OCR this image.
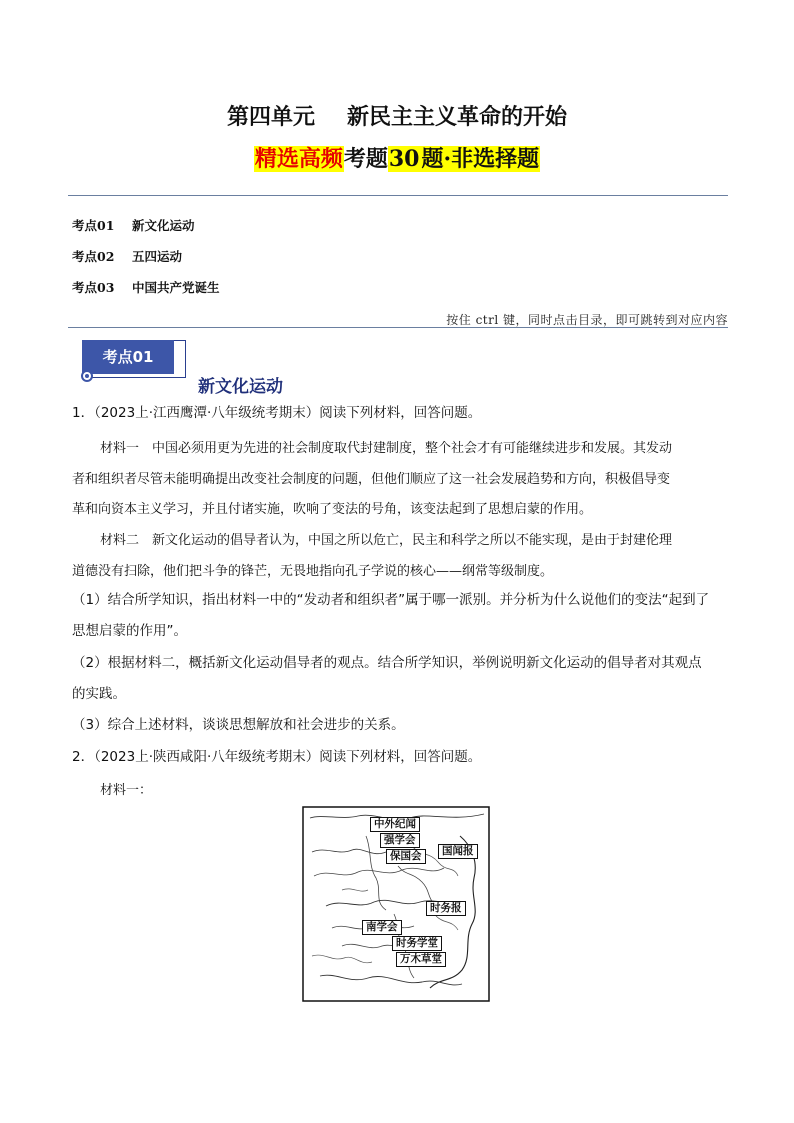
第四单元 新民主主义革命的开始
精选高频考题30题·非选择题
考点01 新文化运动
考点02 五四运动
考点03 中国共产党诞生
按住 ctrl 键，同时点击目录，即可跳转到对应内容
考点01
新文化运动
1．（2023上·江西鹰潭·八年级统考期末）阅读下列材料，回答问题。
材料一　中国必须用更为先进的社会制度取代封建制度，整个社会才有可能继续进步和发展。其发动
者和组织者尽管未能明确提出改变社会制度的问题，但他们顺应了这一社会发展趋势和方向，积极倡导变
革和向资本主义学习，并且付诸实施，吹响了变法的号角，该变法起到了思想启蒙的作用。
材料二　新文化运动的倡导者认为，中国之所以危亡，民主和科学之所以不能实现，是由于封建伦理
道德没有扫除，他们把斗争的锋芒，无畏地指向孔子学说的核心——纲常等级制度。
（1）结合所学知识，指出材料一中的“发动者和组织者”属于哪一派别。并分析为什么说他们的变法“起到了
思想启蒙的作用”。
（2）根据材料二，概括新文化运动倡导者的观点。结合所学知识，举例说明新文化运动的倡导者对其观点
的实践。
（3）综合上述材料，谈谈思想解放和社会进步的关系。
2．（2023上·陕西咸阳·八年级统考期末）阅读下列材料，回答问题。
材料一：
中外纪闻
强学会
保国会	国闻报
时务报
南学会
时务学堂
万木草堂
